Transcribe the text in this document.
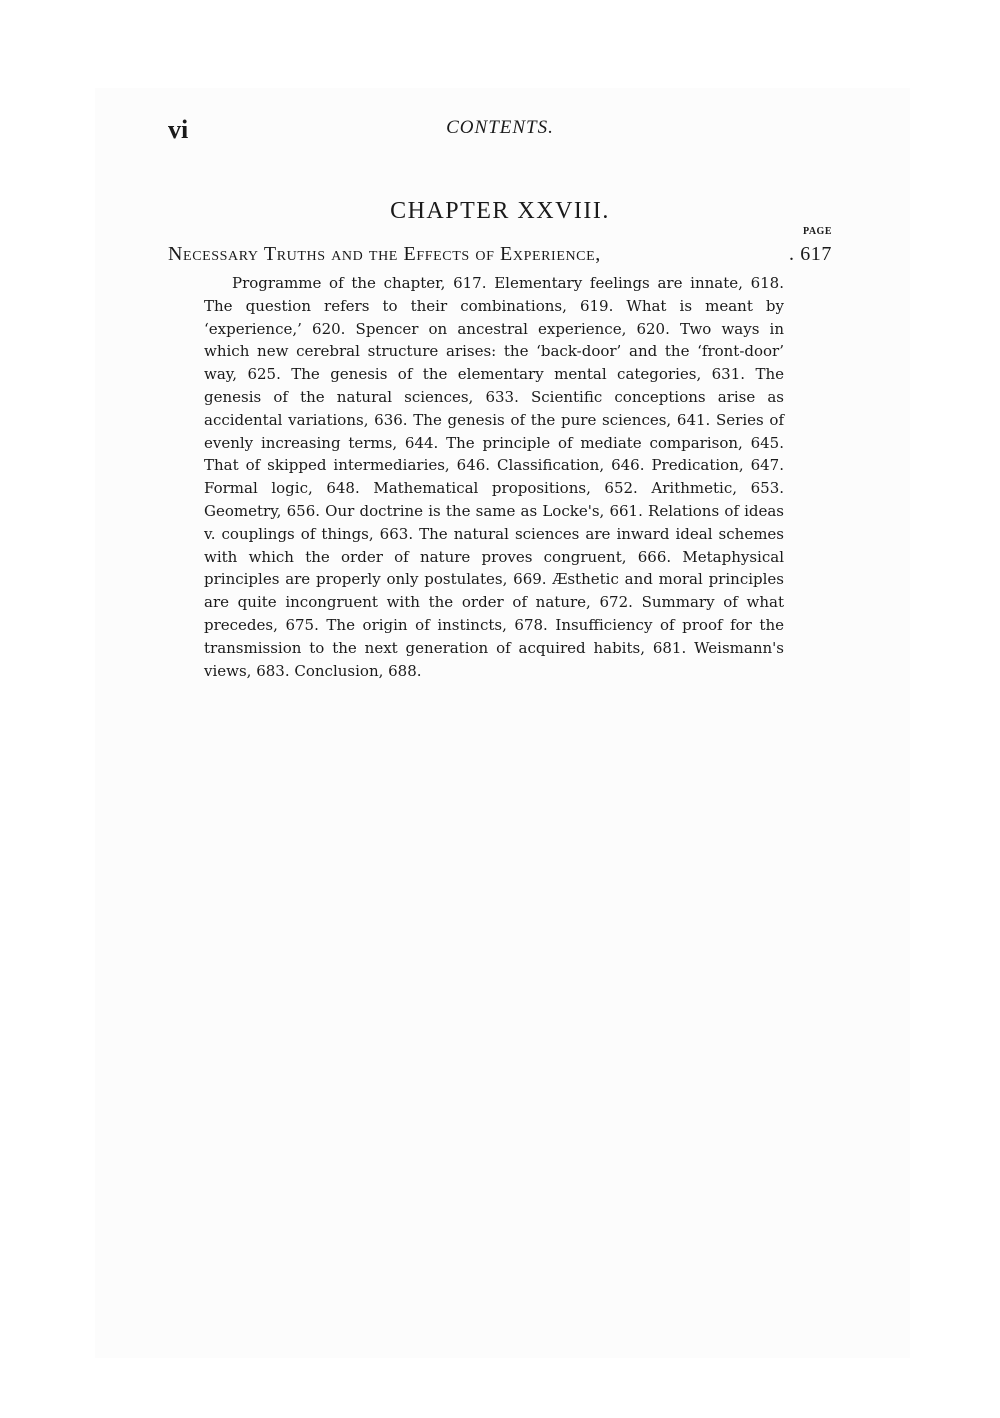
vi	CONTENTS.
CHAPTER XXVIII.
PAGE
Necessary Truths and the Effects of Experience,	. 617

Programme of the chapter, 617. Elementary feelings are innate, 618. The question refers to their combinations, 619. What is meant by ‘experience,’ 620. Spencer on ancestral experience, 620. Two ways in which new cerebral structure arises: the ‘back-door’ and the ‘front-door’ way, 625. The genesis of the elementary mental categories, 631. The genesis of the natural sciences, 633. Scientific conceptions arise as accidental variations, 636. The genesis of the pure sciences, 641. Series of evenly increasing terms, 644. The principle of mediate comparison, 645. That of skipped intermediaries, 646. Classification, 646. Predication, 647. Formal logic, 648. Mathematical propositions, 652. Arithmetic, 653. Geometry, 656. Our doctrine is the same as Locke's, 661. Relations of ideas v. couplings of things, 663. The natural sciences are inward ideal schemes with which the order of nature proves congruent, 666. Metaphysical principles are properly only postulates, 669. Æsthetic and moral principles are quite incongruent with the order of nature, 672. Summary of what precedes, 675. The origin of instincts, 678. Insufficiency of proof for the transmission to the next generation of acquired habits, 681. Weismann's views, 683. Conclusion, 688.
